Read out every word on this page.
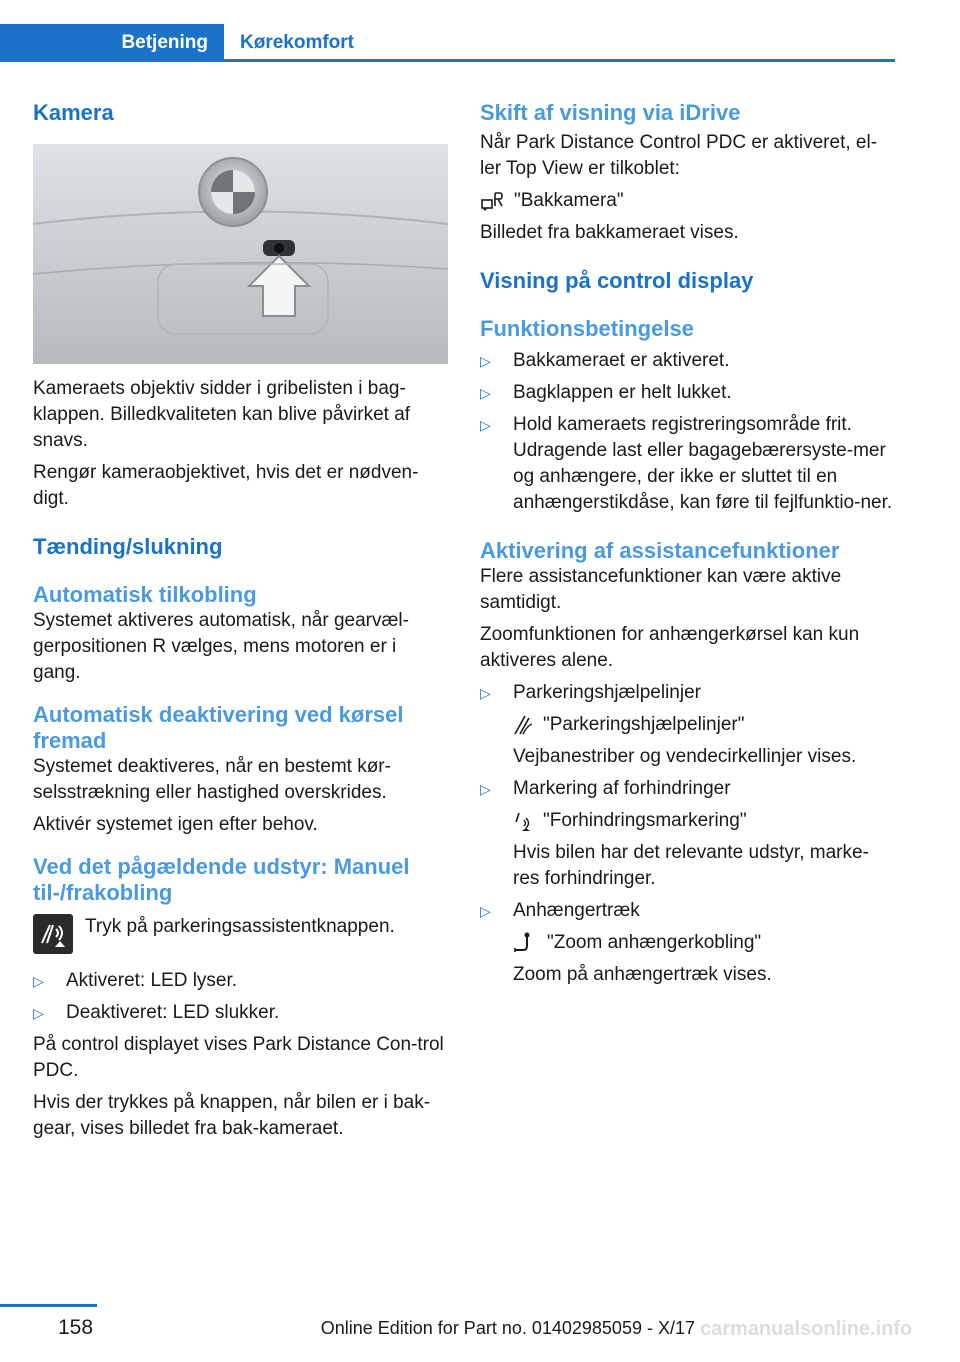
Betjening	Kørekomfort
Kamera

Kameraets objektiv sidder i gribelisten i bag-klappen. Billedkvaliteten kan blive påvirket af snavs.

Rengør kameraobjektivet, hvis det er nødven-digt.

Tænding/slukning
Automatisk tilkobling

Systemet aktiveres automatisk, når gearvæl-gerpositionen R vælges, mens motoren er i gang.

Automatisk deaktivering ved kørsel fremad

Systemet deaktiveres, når en bestemt kør-selsstrækning eller hastighed overskrides.

Aktivér systemet igen efter behov.

Ved det pågældende udstyr: Manuel til-/frakobling

Tryk på parkeringsassistentknappen.

▷	Aktiveret: LED lyser.
▷	Deaktiveret: LED slukker.

På control displayet vises Park Distance Con-trol PDC.

Hvis der trykkes på knappen, når bilen er i bak-gear, vises billedet fra bak-kameraet.

Skift af visning via iDrive

Når Park Distance Control PDC er aktiveret, el-ler Top View er tilkoblet:

"Bakkamera"

Billedet fra bakkameraet vises.

Visning på control display
Funktionsbetingelse
▷	Bakkameraet er aktiveret.
▷	Bagklappen er helt lukket.
▷	Hold kameraets registreringsområde frit. Udragende last eller bagagebærersyste-mer og anhængere, der ikke er sluttet til en anhængerstikdåse, kan føre til fejlfunktio-ner.
Aktivering af assistancefunktioner

Flere assistancefunktioner kan være aktive samtidigt.

Zoomfunktionen for anhængerkørsel kan kun aktiveres alene.

▷	Parkeringshjælpelinjer
"Parkeringshjælpelinjer"
Vejbanestriber og vendecirkellinjer vises.
▷	Markering af forhindringer
"Forhindringsmarkering"
Hvis bilen har det relevante udstyr, marke-res forhindringer.
▷	Anhængertræk
"Zoom anhængerkobling"
Zoom på anhængertræk vises.
158	carmanualsonline.info
Online Edition for Part no. 01402985059 - X/17
